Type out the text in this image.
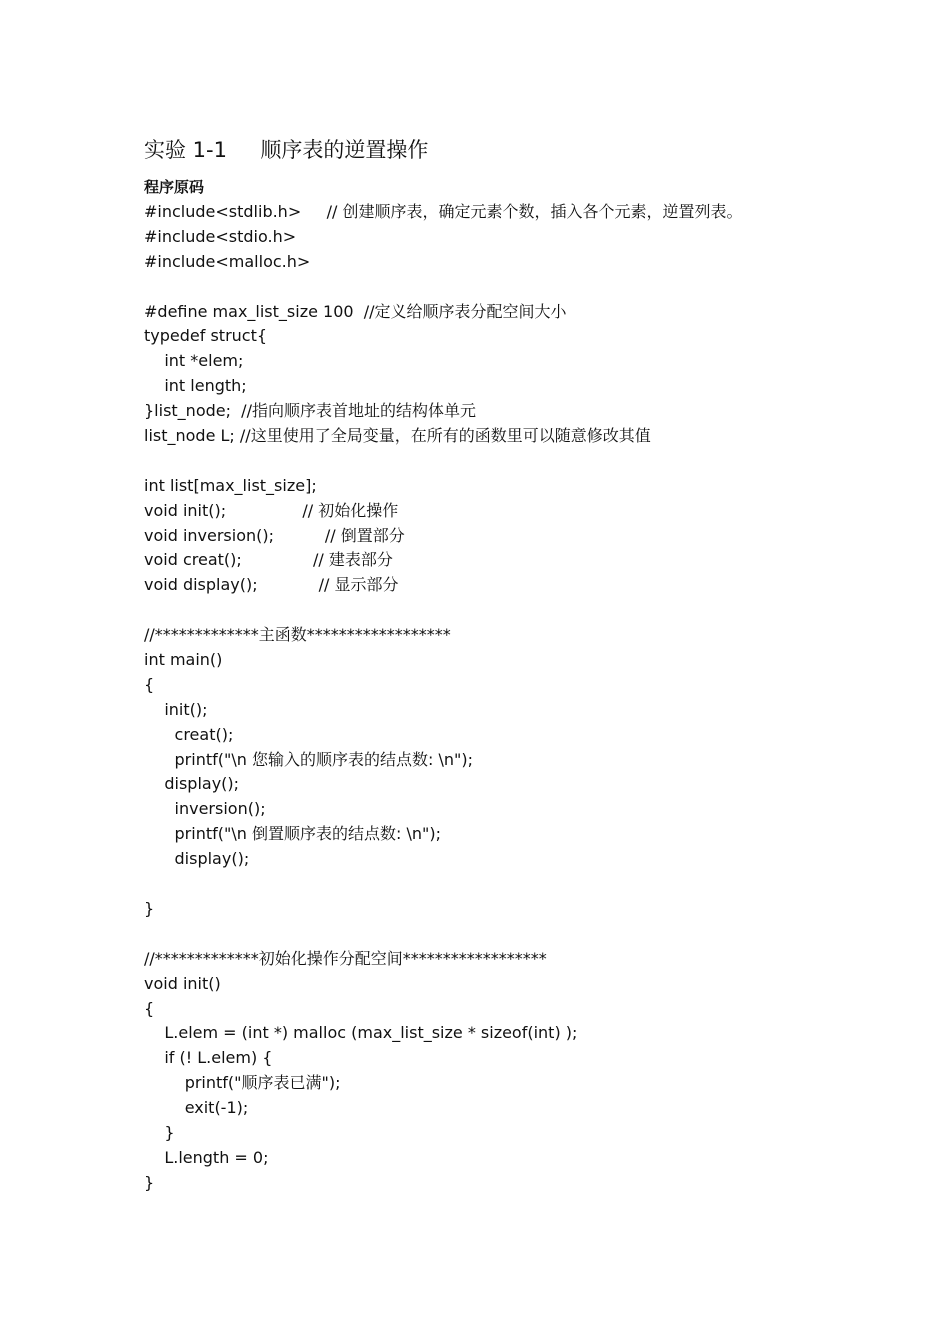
实验 1-1     顺序表的逆置操作
程序原码
#include<stdlib.h>     // 创建顺序表，确定元素个数，插入各个元素，逆置列表。
#include<stdio.h>
#include<malloc.h>
#define max_list_size 100  //定义给顺序表分配空间大小
typedef struct{
int *elem;
int length;
}list_node;  //指向顺序表首地址的结构体单元
list_node L; //这里使用了全局变量，在所有的函数里可以随意修改其值
int list[max_list_size];
void init();               // 初始化操作
void inversion();          // 倒置部分
void creat();              // 建表部分
void display();            // 显示部分
//*************主函数******************
int main()
{
init();
creat();
printf("\n 您输入的顺序表的结点数: \n");
display();
inversion();
printf("\n 倒置顺序表的结点数: \n");
display();
}
//*************初始化操作分配空间******************
void init()
{
L.elem = (int *) malloc (max_list_size * sizeof(int) );
if (! L.elem) {
printf("顺序表已满");
exit(-1);
}
L.length = 0;
}
